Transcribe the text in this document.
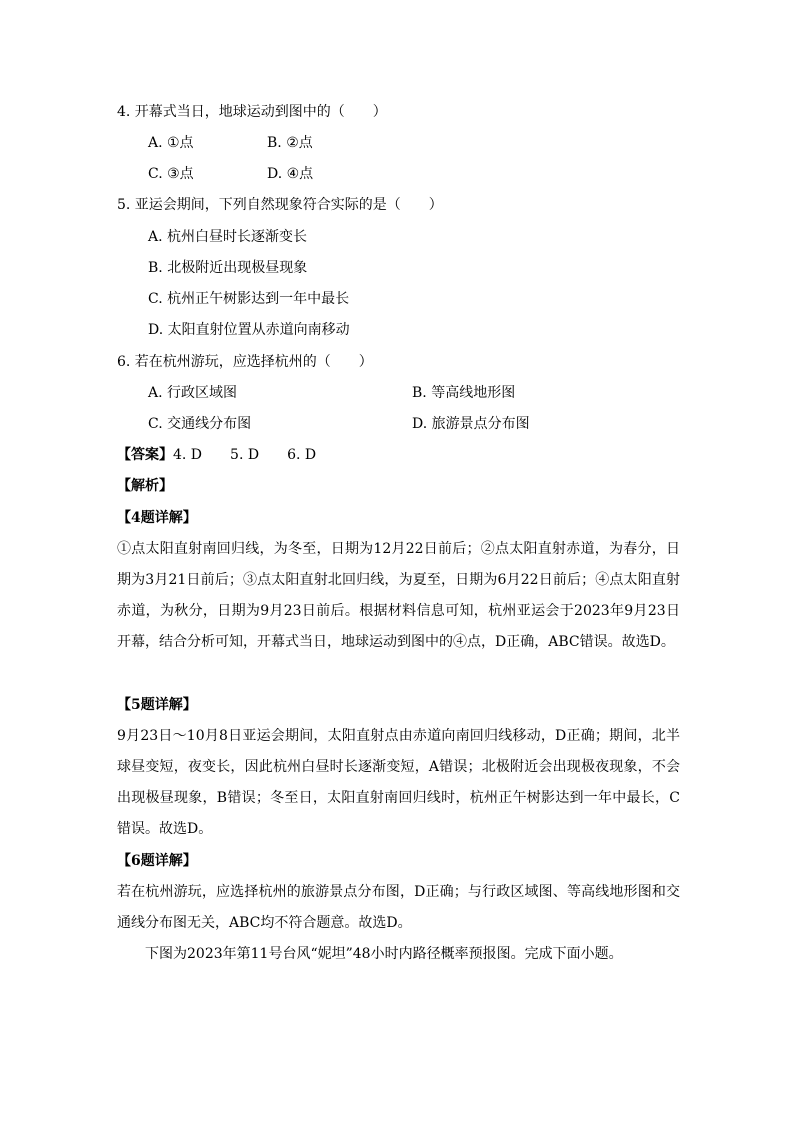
4. 开幕式当日，地球运动到图中的（　　）
A. ①点	B. ②点
C. ③点	D. ④点
5. 亚运会期间，下列自然现象符合实际的是（　　）
A. 杭州白昼时长逐渐变长
B. 北极附近出现极昼现象
C. 杭州正午树影达到一年中最长
D. 太阳直射位置从赤道向南移动
6. 若在杭州游玩，应选择杭州的（　　）
A. 行政区域图	B. 等高线地形图
C. 交通线分布图	D. 旅游景点分布图
【答案】4. D　　5. D　　6. D
【解析】
【4题详解】
①点太阳直射南回归线，为冬至，日期为12月22日前后；②点太阳直射赤道，为春分，日期为3月21日前后；③点太阳直射北回归线，为夏至，日期为6月22日前后；④点太阳直射赤道，为秋分，日期为9月23日前后。根据材料信息可知，杭州亚运会于2023年9月23日开幕，结合分析可知，开幕式当日，地球运动到图中的④点，D正确，ABC错误。故选D。
【5题详解】
9月23日～10月8日亚运会期间，太阳直射点由赤道向南回归线移动，D正确；期间，北半球昼变短，夜变长，因此杭州白昼时长逐渐变短，A错误；北极附近会出现极夜现象，不会出现极昼现象，B错误；冬至日，太阳直射南回归线时，杭州正午树影达到一年中最长，C错误。故选D。
【6题详解】
若在杭州游玩，应选择杭州的旅游景点分布图，D正确；与行政区域图、等高线地形图和交通线分布图无关，ABC均不符合题意。故选D。
下图为2023年第11号台风“妮坦”48小时内路径概率预报图。完成下面小题。
